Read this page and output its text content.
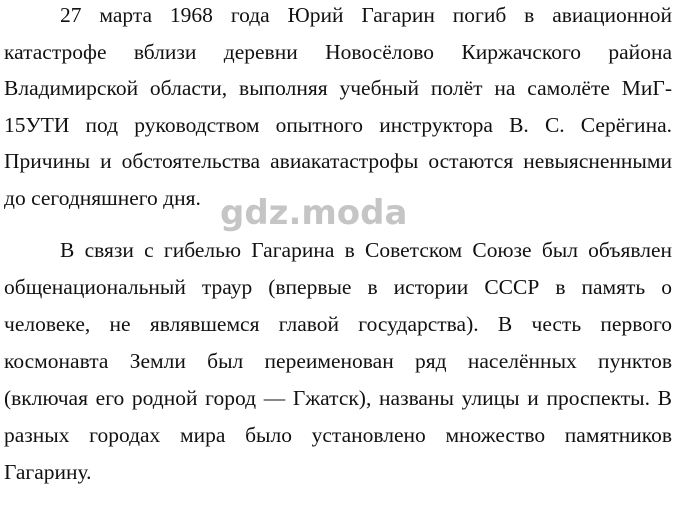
27 марта 1968 года Юрий Гагарин погиб в авиационной
катастрофе вблизи деревни Новосёлово Киржачского района
Владимирской области, выполняя учебный полёт на самолёте МиГ-
15УТИ под руководством опытного инструктора В. С. Серёгина.
Причины и обстоятельства авиакатастрофы остаются невыясненными
до сегодняшнего дня.
В связи с гибелью Гагарина в Советском Союзе был объявлен
общенациональный траур (впервые в истории СССР в память о
человеке, не являвшемся главой государства). В честь первого
космонавта Земли был переименован ряд населённых пунктов
(включая его родной город — Гжатск), названы улицы и проспекты. В
разных городах мира было установлено множество памятников
Гагарину.
gdz.moda
